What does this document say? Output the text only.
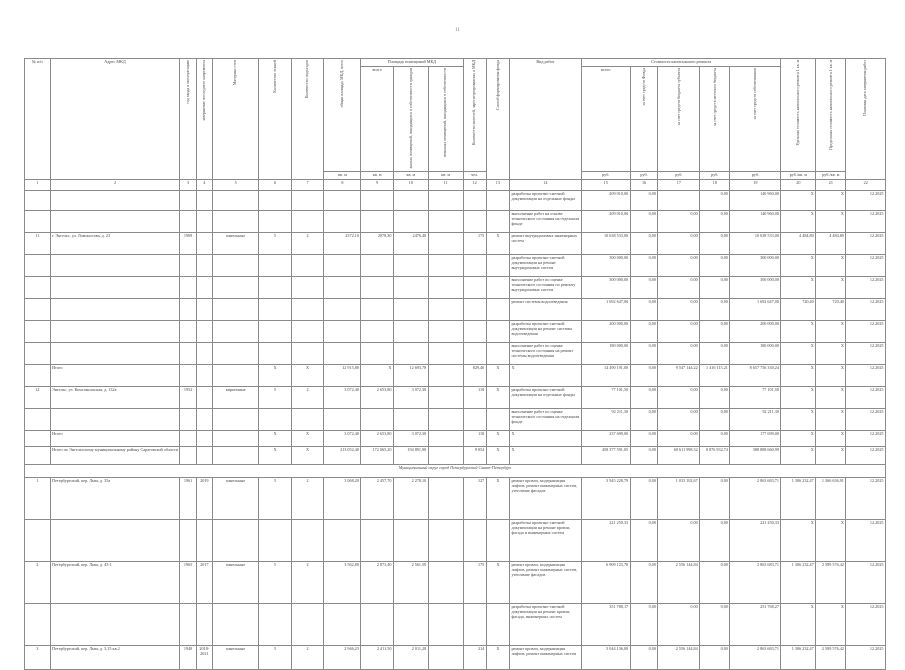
11
№ п/п	Адрес МКД	год ввода в эксплуатацию	завершение последнего капремонта	Материал стен	Количество этажей	Количество подъездов	общая площадь МКД, всего	Площадь помещений МКД			Количество жителей, зарегистрированных в МКД	Способ формирования фонда	Вид работ	Стоимость капитального ремонта					Удельная стоимость капитального ремонта 1 кв. м	Предельная стоимость капитального ремонта 1 кв. м	Плановая дата завершения работ
								всего	жилых помещений, находящихся в собственности граждан	нежилых помещений, находящихся в собственности				всего	за счет средств Фонда	за счет средств бюджета субъекта	за счет средств местного бюджета	за счет средств собственников			
							кв. м	кв. м	кв. м	кв. м	чел.			руб.	руб.	руб.	руб.	руб.	руб./кв. м	руб./кв. м	
1	2	3	4	5	6	7	8	9	10	11	12	13	14	15	16	17	18	19	20	21	22
													разработка проектно-сметной документации на отдельные фонды	209 010,00	0,00		0,00	140 960,00	Х	Х	12.2025
													выполнение работ на основе технического состояния на отдельном фонде	209 010,00	0,00	0,00	0,00	140 960,00	Х	Х	12.2025
11	г. Энгельс, ул. Ломоносова, д. 23	1969		панельные	5	2	2372,10	2078,30	2476,40		175	Х	ремонт внутридомовых инженерных систем	10 638 533,00	0,00	0,00	0,00	10 638 533,00	4 484,80	4 484,80	12.2025
													разработка проектно-сметной документации на ремонт внутридомовых систем	300 000,00	0,00	0,00	0,00	300 000,00	Х	Х	12.2025
													выполнение работ по оценке технического состояния по ремонту внутридомовых систем	300 000,00	0,00	0,00	0,00	300 000,00	Х	Х	12.2025
													ремонт системы водоотведения	1 692 647,00	0,00	0,00	0,00	1 692 647,00	720,40	720,40	12.2025
													разработка проектно-сметной документации на ремонт системы водоотведения	200 000,00	0,00	0,00	0,00	200 000,00	Х	Х	12.2025
													выполнение работ по оценке технического состояния на ремонт системы водоотведения	180 000,00	0,00	0,00	0,00	180 000,00	Х	Х	12.2025
	Итого				Х	Х	12 915,80	Х	12 693,78		829,40	Х	Х	14 490 191,00	0,00	9 547 144,22	1 416 115,21	8 657 756 330,24	Х	Х	12.2025
12	Энгельс, ул. Комсомольская, д. 132а	1952		кирпичные	5	2	3 072,40	2 653,80	3 072,30		118	Х	разработка проектно-сметной документации на отдельные фонды	77 101,50	0,00	0,00	0,00	77 101,50	Х	Х	12.2025
													выполнение работ по оценке технического состояния на отдельном фонде	92 211,30	0,00	0,00	0,00	92 211,30	Х	Х	12.2025
	Итого				Х	Х	3 072,40	2 653,80	3 072,30		118	Х	Х	237 699,00	0,00	0,00	0,00	177 699,00	Х	Х	12.2025
	Итого по Энгельсскому муниципальному району Саратовской области				Х	Х	213 052,40	172 065,20	194 891,90		9 054	Х	Х	458 377 591,05	0,00	60 611 998,32	8 876 932,74	388 888 660,99	Х	Х	12.2025
Муниципальный округ город Петербургский Санкт-Петербург																					
1	Петербургский, пер. Льва, д. 35а	1961	2019	панельные	5	2	3 068,20	2 457,70	2 278,10		127	Х	ремонт кровли, модернизация лифтов, ремонт инженерных систем, утепление фасадов	3 945 228,79	0,00	1 033 102,67	0,00	2 863 683,71	1 306 232,47	1 366 636,91	12.2025
													разработка проектно-сметной документации на ремонт кровли, фасада и инженерных систем	221 250,33	0,00	0,00	0,00	221 250,33	Х	Х	12.2025
2	Петербургский, пер. Льва, д. 43-1	1965	2017	панельные	5	2	3 562,80	2 873,40	2 561,50		175	Х	ремонт кровли, модернизация лифтов, ремонт инженерных систем, утепление фасадов	6 909 123,78	0,00	2 556 144,84	0,00	2 863 683,71	1 306 232,47	2 589 576,42	12.2025
													разработка проектно-сметной документации на ремонт кровли, фасада, инженерных систем	351 788,17	0,00	0,00	0,00	251 768,27	Х	Х	12.2025
3	Петербургский, пер. Льва, д. 3,15 кв.2	1948	2018-2021	панельные	5	2	2 946,23	2 411,50	2 011,28		214	Х	ремонт кровли, модернизация лифтов, ремонт инженерных систем	5 044 136,00	0,00	2 556 144,84	0,00	2 863 683,71	1 306 232,47	2 589 576,42	12.2025
